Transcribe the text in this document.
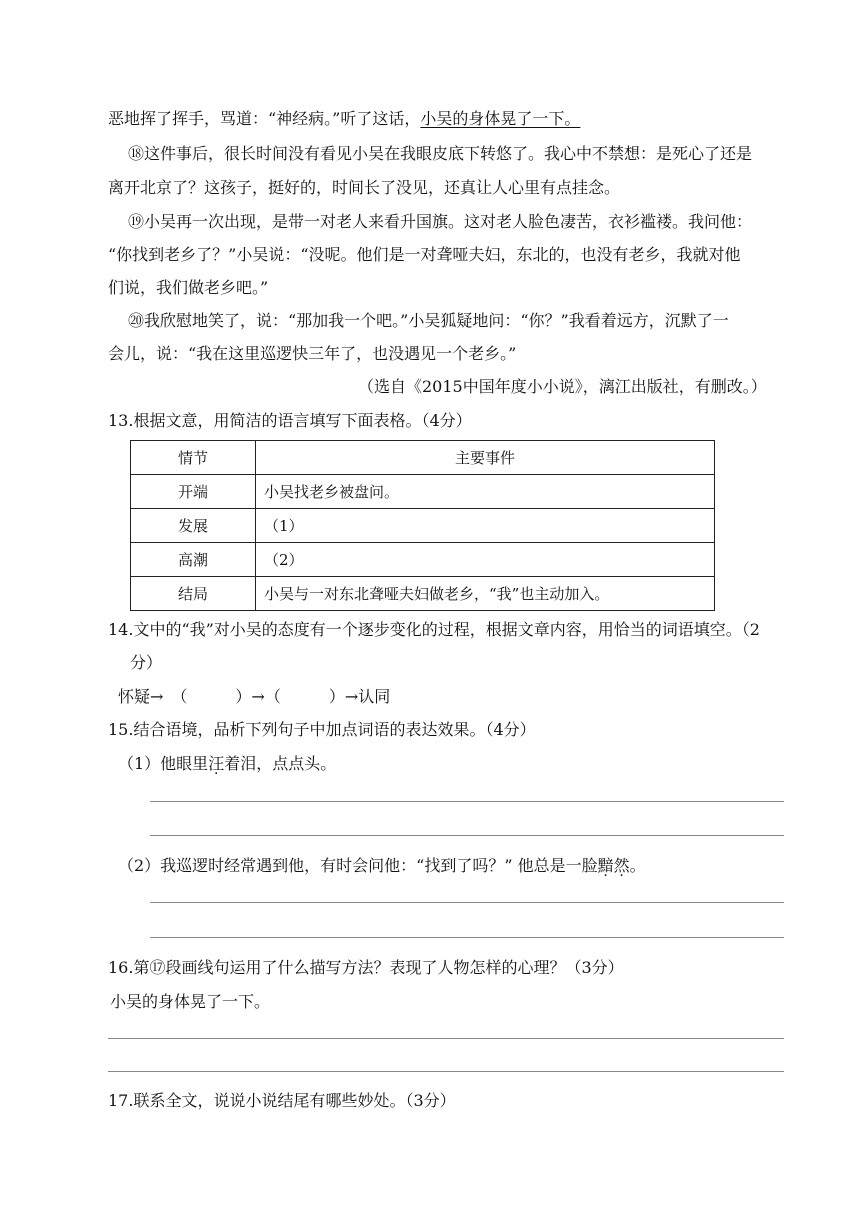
恶地挥了挥手，骂道：“神经病。”听了这话，小吴的身体晃了一下。
⑱这件事后，很长时间没有看见小吴在我眼皮底下转悠了。我心中不禁想：是死心了还是
离开北京了？这孩子，挺好的，时间长了没见，还真让人心里有点挂念。
⑲小吴再一次出现，是带一对老人来看升国旗。这对老人脸色凄苦，衣衫褴褛。我问他：
“你找到老乡了？”小吴说：“没呢。他们是一对聋哑夫妇，东北的，也没有老乡，我就对他
们说，我们做老乡吧。”
⑳我欣慰地笑了，说：“那加我一个吧。”小吴狐疑地问：“你？”我看着远方，沉默了一
会儿，说：“我在这里巡逻快三年了，也没遇见一个老乡。”
（选自《2015中国年度小小说》，漓江出版社，有删改。）
13.根据文意，用简洁的语言填写下面表格。（4分）
情节	主要事件
开端	小吴找老乡被盘问。
发展	（1）
高潮	（2）
结局	小吴与一对东北聋哑夫妇做老乡，“我”也主动加入。
14.文中的“我”对小吴的态度有一个逐步变化的过程，根据文章内容，用恰当的词语填空。（2
分）
怀疑→　（　　　）→（　　　）→认同
15.结合语境，品析下列句子中加点词语的表达效果。（4分）
（1）他眼里汪着泪，点点头。
（2）我巡逻时经常遇到他，有时会问他：“找到了吗？” 他总是一脸黯然。
16.第⑰段画线句运用了什么描写方法？表现了人物怎样的心理？（3分）
小吴的身体晃了一下。
17.联系全文，说说小说结尾有哪些妙处。（3分）
